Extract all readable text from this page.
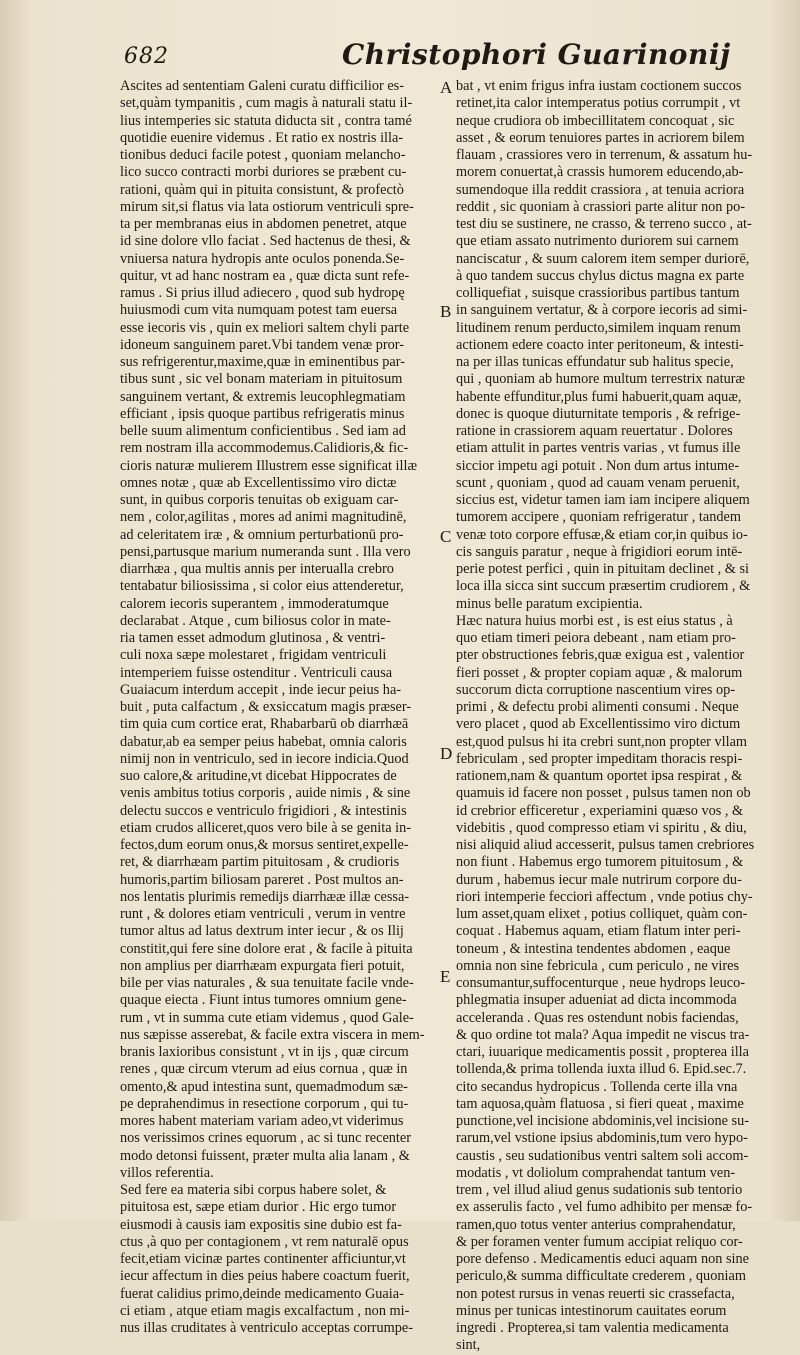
682	Christophori Guarinonij
A
B
C
D
E
Ascites ad sententiam Galeni curatu difficilior es-
set,quàm tympanitis , cum magis à naturali statu il-
lius intemperies sic statuta diducta sit , contra tamé
quotidie euenire videmus . Et ratio ex nostris illa-
tionibus deduci facile potest , quoniam melancho-
lico succo contracti morbi duriores se præbent cu-
rationi, quàm qui in pituita consistunt, & profectò
mirum sit,si flatus via lata ostiorum ventriculi spre-
ta per membranas eius in abdomen penetret, atque
id sine dolore vllo faciat . Sed hactenus de thesi, &
vniuersa natura hydropis ante oculos ponenda.Se-
quitur, vt ad hanc nostram ea , quæ dicta sunt refe-
ramus . Si prius illud adiecero , quod sub hydropę
huiusmodi cum vita numquam potest tam euersa
esse iecoris vis , quin ex meliori saltem chyli parte
idoneum sanguinem paret.Vbi tandem venæ pror-
sus refrigerentur,maxime,quæ in eminentibus par-
tibus sunt , sic vel bonam materiam in pituitosum
sanguinem vertant, & extremis leucophlegmatiam
efficiant , ipsis quoque partibus refrigeratis minus
belle suum alimentum conficientibus . Sed iam ad
rem nostram illa accommodemus.Calidioris,& fic-
cioris naturæ mulierem Illustrem esse significat illæ
omnes notæ , quæ ab Excellentissimo viro dictæ
sunt, in quibus corporis tenuitas ob exiguam car-
nem , color,agilitas , mores ad animi magnitudinē,
ad celeritatem iræ , & omnium perturbationū pro-
pensi,partusque marium numeranda sunt . Illa vero
diarrhæa , qua multis annis per interualla crebro
tentabatur biliosissima , si color eius attenderetur,
calorem iecoris superantem , immoderatumque
declarabat . Atque , cum biliosus color in mate-
ria tamen esset admodum glutinosa , & ventri-
culi noxa sæpe molestaret , frigidam ventriculi
intemperiem fuisse ostenditur . Ventriculi causa
Guaiacum interdum accepit , inde iecur peius ha-
buit , puta calfactum , & exsiccatum magis præser-
tim quia cum cortice erat, Rhabarbarū ob diarrhæā
dabatur,ab ea semper peius habebat, omnia caloris
nimij non in ventriculo, sed in iecore indicia.Quod
suo calore,& aritudine,vt dicebat Hippocrates de
venis ambitus totius corporis , auide nimis , & sine
delectu succos e ventriculo frigidiori , & intestinis
etiam crudos alliceret,quos vero bile à se genita in-
fectos,dum eorum onus,& morsus sentiret,expelle-
ret, & diarrhæam partim pituitosam , & crudioris
humoris,partim biliosam pareret . Post multos an-
nos lentatis plurimis remedijs diarrhææ illæ cessa-
runt , & dolores etiam ventriculi , verum in ventre
tumor altus ad latus dextrum inter iecur , & os Ilij
constitit,qui fere sine dolore erat , & facile à pituita
non amplius per diarrhæam expurgata fieri potuit,
bile per vias naturales , & sua tenuitate facile vnde-
quaque eiecta . Fiunt intus tumores omnium gene-
rum , vt in summa cute etiam videmus , quod Gale-
nus sæpisse asserebat, & facile extra viscera in mem-
branis laxioribus consistunt , vt in ijs , quæ circum
renes , quæ circum vterum ad eius cornua , quæ in
omento,& apud intestina sunt, quemadmodum sæ-
pe deprahendimus in resectione corporum , qui tu-
mores habent materiam variam adeo,vt viderimus
nos verissimos crines equorum , ac si tunc recenter
modo detonsi fuissent, præter multa alia lanam , &
villos referentia.
Sed fere ea materia sibi corpus habere solet, &
pituitosa est, sæpe etiam durior . Hic ergo tumor
eiusmodi à causis iam expositis sine dubio est fa-
ctus ,à quo per contagionem , vt rem naturalē opus
fecit,etiam vicinæ partes continenter afficiuntur,vt
iecur affectum in dies peius habere coactum fuerit,
fuerat calidius primo,deinde medicamento Guaia-
ci etiam , atque etiam magis excalfactum , non mi-
nus illas cruditates à ventriculo acceptas corrumpe-
bat , vt enim frigus infra iustam coctionem succos
retinet,ita calor intemperatus potius corrumpit , vt
neque crudiora ob imbecillitatem concoquat , sic
asset , & eorum tenuiores partes in acriorem bilem
flauam , crassiores vero in terrenum, & assatum hu-
morem conuertat,à crassis humorem educendo,ab-
sumendoque illa reddit crassiora , at tenuia acriora
reddit , sic quoniam à crassiori parte alitur non po-
test diu se sustinere, ne crasso, & terreno succo , at-
que etiam assato nutrimento duriorem sui carnem
nanciscatur , & suum calorem item semper duriorē,
à quo tandem succus chylus dictus magna ex parte
colliquefiat , suisque crassioribus partibus tantum
in sanguinem vertatur, & à corpore iecoris ad simi-
litudinem renum perducto,similem inquam renum
actionem edere coacto inter peritoneum, & intesti-
na per illas tunicas effundatur sub halitus specie,
qui , quoniam ab humore multum terrestrix naturæ
habente effunditur,plus fumi habuerit,quam aquæ,
donec is quoque diuturnitate temporis , & refrige-
ratione in crassiorem aquam reuertatur . Dolores
etiam attulit in partes ventris varias , vt fumus ille
siccior impetu agi potuit . Non dum artus intume-
scunt , quoniam , quod ad cauam venam peruenit,
siccius est, videtur tamen iam iam incipere aliquem
tumorem accipere , quoniam refrigeratur , tandem
venæ toto corpore effusæ,& etiam cor,in quibus io-
cis sanguis paratur , neque à frigidiori eorum intē-
perie potest perfici , quin in pituitam declinet , & si
loca illa sicca sint succum præsertim crudiorem , &
minus belle paratum excipientia.
Hæc natura huius morbi est , is est eius status , à
quo etiam timeri peiora debeant , nam etiam pro-
pter obstructiones febris,quæ exigua est , valentior
fieri posset , & propter copiam aquæ , & malorum
succorum dicta corruptione nascentium vires op-
primi , & defectu probi alimenti consumi . Neque
vero placet , quod ab Excellentissimo viro dictum
est,quod pulsus hi ita crebri sunt,non propter vllam
febriculam , sed propter impeditam thoracis respi-
rationem,nam & quantum oportet ipsa respirat , &
quamuis id facere non posset , pulsus tamen non ob
id crebrior efficeretur , experiamini quæso vos , &
videbitis , quod compresso etiam vi spiritu , & diu,
nisi aliquid aliud accesserit, pulsus tamen crebriores
non fiunt . Habemus ergo tumorem pituitosum , &
durum , habemus iecur male nutrirum corpore du-
riori intemperie fecciori affectum , vnde potius chy-
lum asset,quam elixet , potius colliquet, quàm con-
coquat . Habemus aquam, etiam flatum inter peri-
toneum , & intestina tendentes abdomen , eaque
omnia non sine febricula , cum periculo , ne vires
consumantur,suffocenturque , neue hydrops leuco-
phlegmatia insuper adueniat ad dicta incommoda
acceleranda . Quas res ostendunt nobis faciendas,
& quo ordine tot mala? Aqua impedit ne viscus tra-
ctari, iuuarique medicamentis possit , propterea illa
tollenda,& prima tollenda iuxta illud 6. Epid.sec.7.
cito secandus hydropicus . Tollenda certe illa vna
tam aquosa,quàm flatuosa , si fieri queat , maxime
punctione,vel incisione abdominis,vel incisione su-
rarum,vel vstione ipsius abdominis,tum vero hypo-
caustis , seu sudationibus ventri saltem soli accom-
modatis , vt doliolum comprahendat tantum ven-
trem , vel illud aliud genus sudationis sub tentorio
ex asserulis facto , vel fumo adhibito per mensæ fo-
ramen,quo totus venter anterius comprahendatur,
& per foramen venter fumum accipiat reliquo cor-
pore defenso . Medicamentis educi aquam non sine
periculo,& summa difficultate crederem , quoniam
non potest rursus in venas reuerti sic crassefacta,
minus per tunicas intestinorum cauitates eorum
ingredi . Propterea,si tam valentia medicamenta
sint,
